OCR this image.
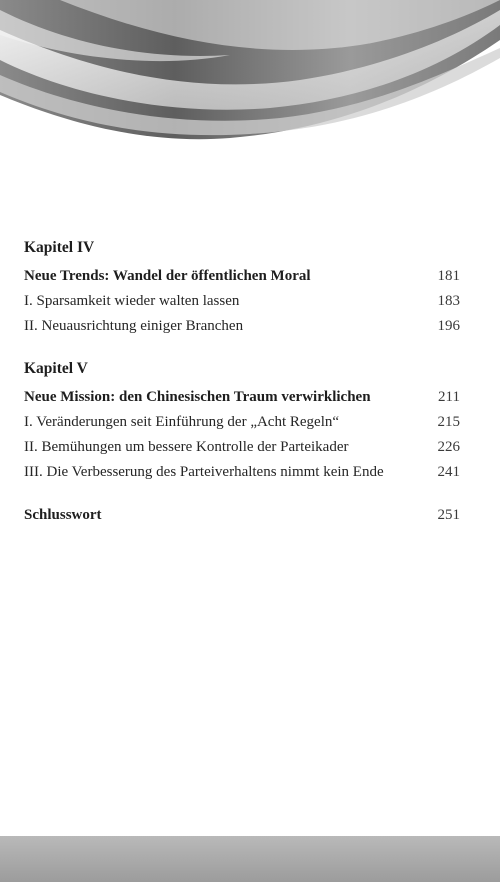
Kapitel IV
Neue Trends: Wandel der öffentlichen Moral	181
I. Sparsamkeit wieder walten lassen	183
II. Neuausrichtung einiger Branchen	196
Kapitel V
Neue Mission: den Chinesischen Traum verwirklichen	211
I. Veränderungen seit Einführung der „Acht Regeln“	215
II. Bemühungen um bessere Kontrolle der Parteikader	226
III. Die Verbesserung des Parteiverhaltens nimmt kein Ende	241
Schlusswort	251
